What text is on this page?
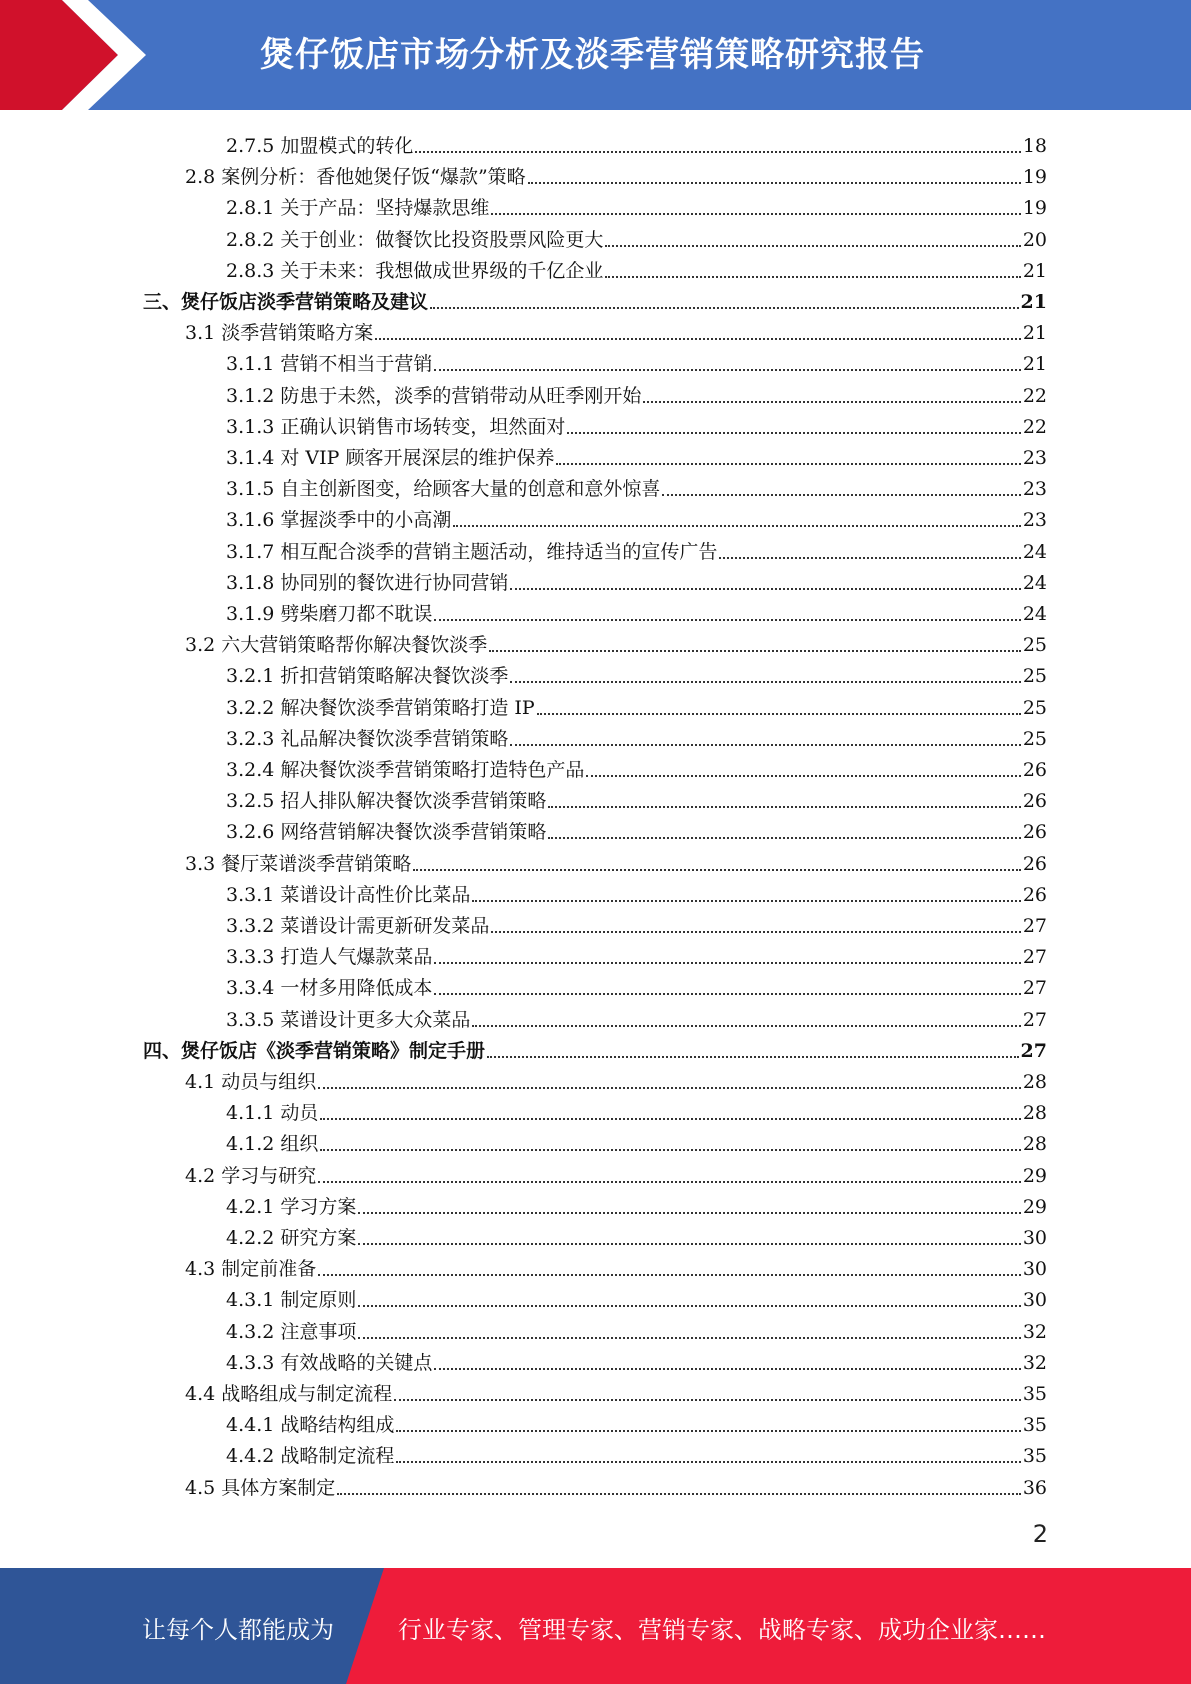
煲仔饭店市场分析及淡季营销策略研究报告
2.7.5 加盟模式的转化	18
2.8 案例分析：香他她煲仔饭“爆款”策略	19
2.8.1 关于产品：坚持爆款思维	19
2.8.2 关于创业：做餐饮比投资股票风险更大	20
2.8.3 关于未来：我想做成世界级的千亿企业	21
三、煲仔饭店淡季营销策略及建议	21
3.1 淡季营销策略方案	21
3.1.1 营销不相当于营销	21
3.1.2 防患于未然，淡季的营销带动从旺季刚开始	22
3.1.3 正确认识销售市场转变，坦然面对	22
3.1.4 对 VIP 顾客开展深层的维护保养	23
3.1.5 自主创新图变，给顾客大量的创意和意外惊喜	23
3.1.6 掌握淡季中的小高潮	23
3.1.7 相互配合淡季的营销主题活动，维持适当的宣传广告	24
3.1.8 协同别的餐饮进行协同营销	24
3.1.9 劈柴磨刀都不耽误	24
3.2 六大营销策略帮你解决餐饮淡季	25
3.2.1 折扣营销策略解决餐饮淡季	25
3.2.2 解决餐饮淡季营销策略打造 IP	25
3.2.3 礼品解决餐饮淡季营销策略	25
3.2.4 解决餐饮淡季营销策略打造特色产品	26
3.2.5 招人排队解决餐饮淡季营销策略	26
3.2.6 网络营销解决餐饮淡季营销策略	26
3.3 餐厅菜谱淡季营销策略	26
3.3.1 菜谱设计高性价比菜品	26
3.3.2 菜谱设计需更新研发菜品	27
3.3.3 打造人气爆款菜品	27
3.3.4 一材多用降低成本	27
3.3.5 菜谱设计更多大众菜品	27
四、煲仔饭店《淡季营销策略》制定手册	27
4.1 动员与组织	28
4.1.1 动员	28
4.1.2 组织	28
4.2 学习与研究	29
4.2.1 学习方案	29
4.2.2 研究方案	30
4.3 制定前准备	30
4.3.1 制定原则	30
4.3.2 注意事项	32
4.3.3 有效战略的关键点	32
4.4 战略组成与制定流程	35
4.4.1 战略结构组成	35
4.4.2 战略制定流程	35
4.5 具体方案制定	36
2
让每个人都能成为	行业专家、管理专家、营销专家、战略专家、成功企业家……
